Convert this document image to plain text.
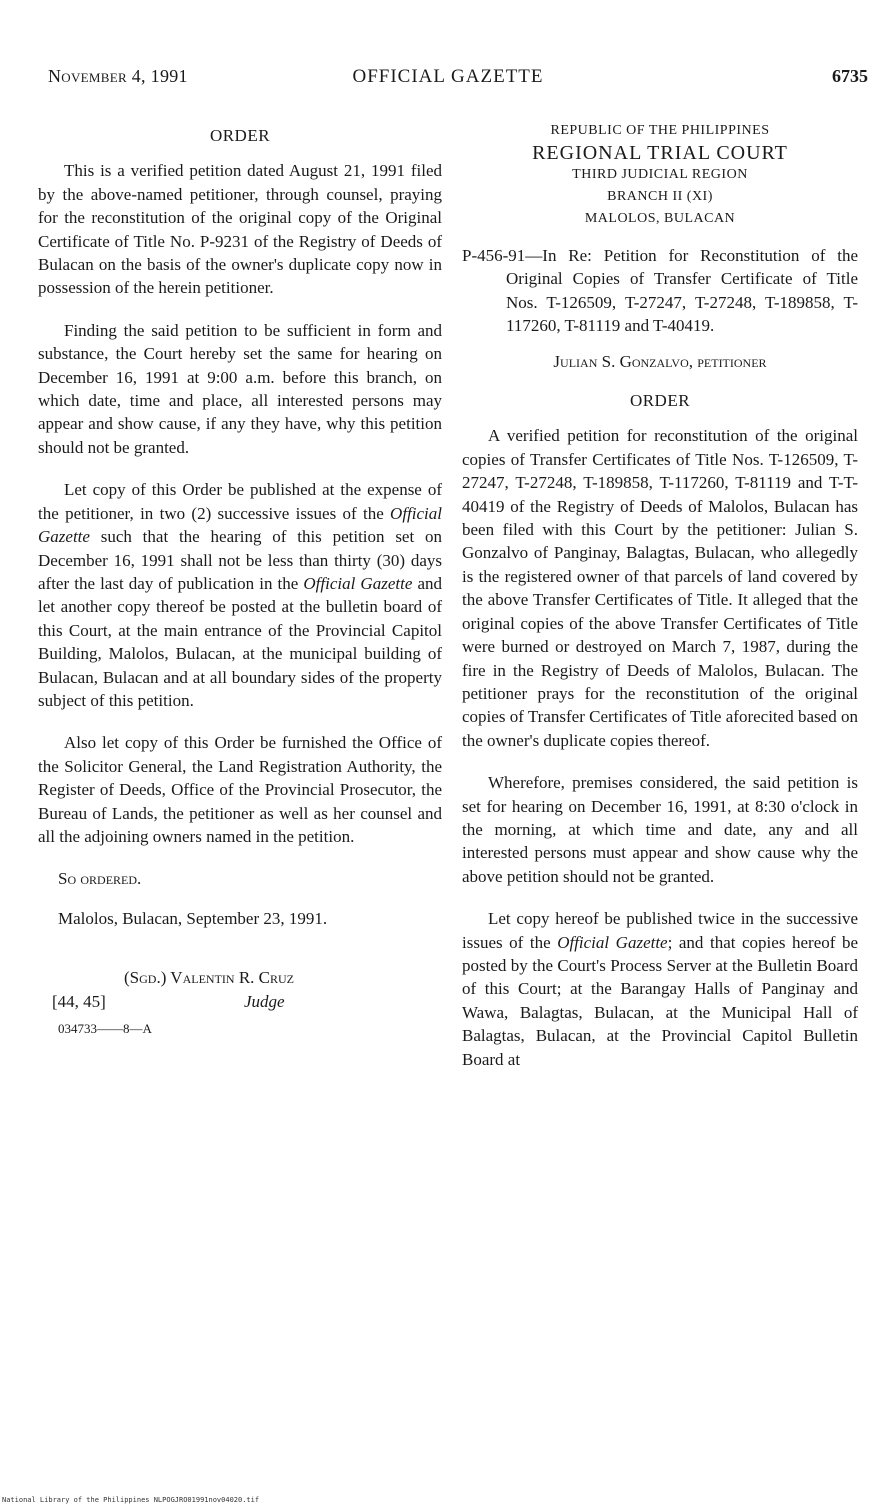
November 4, 1991	OFFICIAL GAZETTE	6735
ORDER

This is a verified petition dated August 21, 1991 filed by the above-named petitioner, through counsel, praying for the reconstitution of the original copy of the Original Certificate of Title No. P-9231 of the Registry of Deeds of Bulacan on the basis of the owner's duplicate copy now in possession of the herein petitioner.

Finding the said petition to be sufficient in form and substance, the Court hereby set the same for hearing on December 16, 1991 at 9:00 a.m. before this branch, on which date, time and place, all interested persons may appear and show cause, if any they have, why this petition should not be granted.

Let copy of this Order be published at the expense of the petitioner, in two (2) successive issues of the Official Gazette such that the hearing of this petition set on December 16, 1991 shall not be less than thirty (30) days after the last day of publication in the Official Gazette and let another copy thereof be posted at the bulletin board of this Court, at the main entrance of the Provincial Capitol Building, Malolos, Bulacan, at the municipal building of Bulacan, Bulacan and at all boundary sides of the property subject of this petition.

Also let copy of this Order be furnished the Office of the Solicitor General, the Land Registration Authority, the Register of Deeds, Office of the Provincial Prosecutor, the Bureau of Lands, the petitioner as well as her counsel and all the adjoining owners named in the petition.

So ordered.
Malolos, Bulacan, September 23, 1991.
(Sgd.) Valentin R. Cruz
[44, 45]	Judge
034733——8—A
REPUBLIC OF THE PHILIPPINES
REGIONAL TRIAL COURT
THIRD JUDICIAL REGION
BRANCH II (XI)
MALOLOS, BULACAN

P-456-91—In Re: Petition for Reconstitution of the Original Copies of Transfer Certificate of Title Nos. T-126509, T-27247, T-27248, T-189858, T-117260, T-81119 and T-40419.

Julian S. Gonzalvo, petitioner

ORDER

A verified petition for reconstitution of the original copies of Transfer Certificates of Title Nos. T-126509, T-27247, T-27248, T-189858, T-117260, T-81119 and T-T-40419 of the Registry of Deeds of Malolos, Bulacan has been filed with this Court by the petitioner: Julian S. Gonzalvo of Panginay, Balagtas, Bulacan, who allegedly is the registered owner of that parcels of land covered by the above Transfer Certificates of Title. It alleged that the original copies of the above Transfer Certificates of Title were burned or destroyed on March 7, 1987, during the fire in the Registry of Deeds of Malolos, Bulacan. The petitioner prays for the reconstitution of the original copies of Transfer Certificates of Title aforecited based on the owner's duplicate copies thereof.

Wherefore, premises considered, the said petition is set for hearing on December 16, 1991, at 8:30 o'clock in the morning, at which time and date, any and all interested persons must appear and show cause why the above petition should not be granted.

Let copy hereof be published twice in the successive issues of the Official Gazette; and that copies hereof be posted by the Court's Process Server at the Bulletin Board of this Court; at the Barangay Halls of Panginay and Wawa, Balagtas, Bulacan, at the Municipal Hall of Balagtas, Bulacan, at the Provincial Capitol Bulletin Board at

National Library of the Philippines NLPOGJRO01991nov04020.tif
